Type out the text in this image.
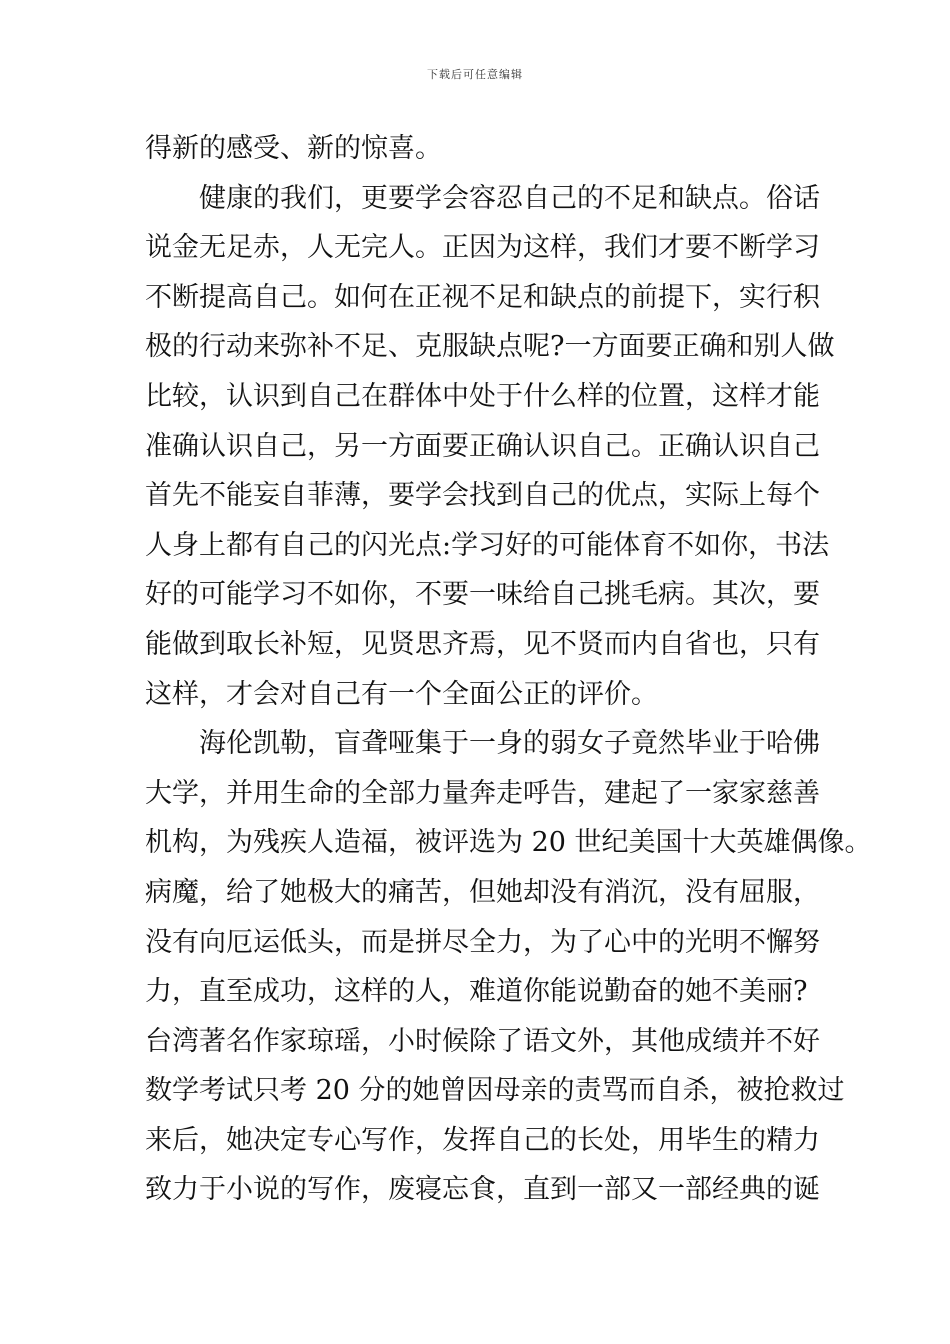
下载后可任意编辑
得新的感受、新的惊喜。
健康的我们，更要学会容忍自己的不足和缺点。俗话
说金无足赤，人无完人。正因为这样，我们才要不断学习
不断提高自己。如何在正视不足和缺点的前提下，实行积
极的行动来弥补不足、克服缺点呢?一方面要正确和别人做
比较，认识到自己在群体中处于什么样的位置，这样才能
准确认识自己，另一方面要正确认识自己。正确认识自己
首先不能妄自菲薄，要学会找到自己的优点，实际上每个
人身上都有自己的闪光点:学习好的可能体育不如你，书法
好的可能学习不如你，不要一味给自己挑毛病。其次，要
能做到取长补短，见贤思齐焉，见不贤而内自省也，只有
这样，才会对自己有一个全面公正的评价。
海伦凯勒，盲聋哑集于一身的弱女子竟然毕业于哈佛
大学，并用生命的全部力量奔走呼告，建起了一家家慈善
机构，为残疾人造福，被评选为 20 世纪美国十大英雄偶像。
病魔，给了她极大的痛苦，但她却没有消沉，没有屈服，
没有向厄运低头，而是拼尽全力，为了心中的光明不懈努
力，直至成功，这样的人，难道你能说勤奋的她不美丽?
台湾著名作家琼瑶，小时候除了语文外，其他成绩并不好
数学考试只考 20 分的她曾因母亲的责骂而自杀，被抢救过
来后，她决定专心写作，发挥自己的长处，用毕生的精力
致力于小说的写作，废寝忘食，直到一部又一部经典的诞
